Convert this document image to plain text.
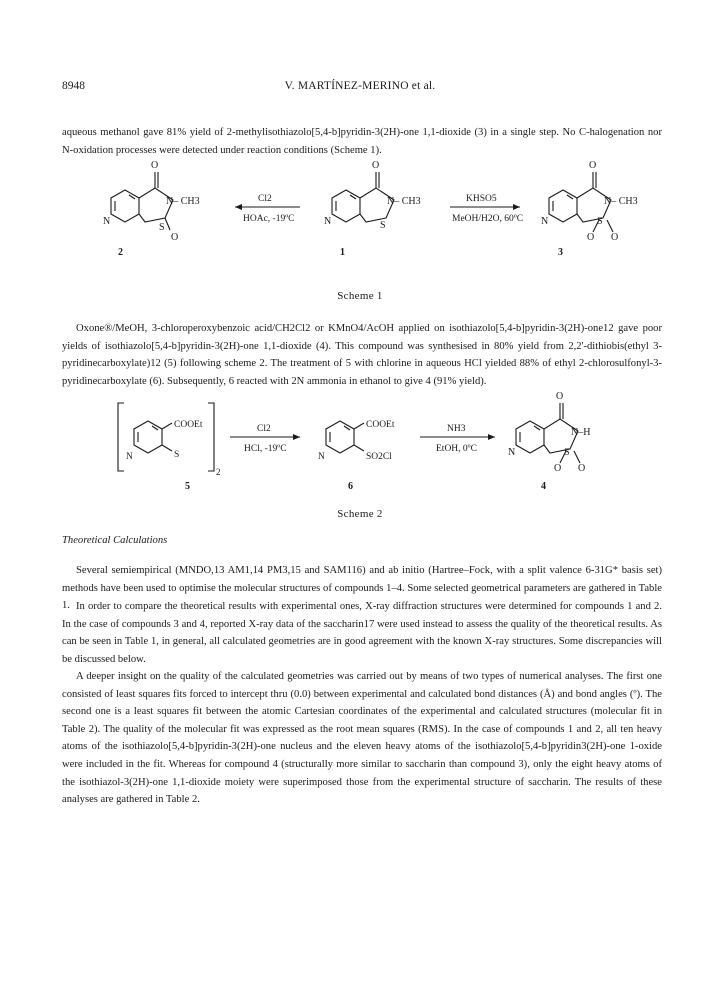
8948	V. MARTÍNEZ-MERINO et al.
aqueous methanol gave 81% yield of 2-methylisothiazolo[5,4-b]pyridin-3(2H)-one 1,1-dioxide (3) in a single step. No C-halogenation nor N-oxidation processes were detected under reaction conditions (Scheme 1).
O
N– CH3
N
S
O
2
Cl2
HOAc, -19ºC
O
N– CH3
N	S
1
KHSO5
MeOH/H2O, 60ºC
O
N– CH3
N	S
O O
3
Scheme 1
Oxone®/MeOH, 3-chloroperoxybenzoic acid/CH2Cl2 or KMnO4/AcOH applied on isothiazolo[5,4-b]pyridin-3(2H)-one12 gave poor yields of isothiazolo[5,4-b]pyridin-3(2H)-one 1,1-dioxide (4). This compound was synthesised in 80% yield from 2,2'-dithiobis(ethyl 3-pyridinecarboxylate)12 (5) following scheme 2. The treatment of 5 with chlorine in aqueous HCl yielded 88% of ethyl 2-chlorosulfonyl-3-pyridinecarboxylate (6). Subsequently, 6 reacted with 2N ammonia in ethanol to give 4 (91% yield).
COOEt
S
N
2
5
Cl2
HCl, -19ºC
COOEt
SO2Cl
N
6
NH3
EtOH, 0ºC
O
N–H
N	S
O O
4
Scheme 2
Theoretical Calculations
Several semiempirical (MNDO,13 AM1,14 PM3,15 and SAM116) and ab initio (Hartree–Fock, with a split valence 6-31G* basis set) methods have been used to optimise the molecular structures of compounds 1–4. Some selected geometrical parameters are gathered in Table 1. In order to compare the theoretical results with experimental ones, X-ray diffraction structures were determined for compounds 1 and 2. In the case of compounds 3 and 4, reported X-ray data of the saccharin17 were used instead to assess the quality of the theoretical results. As can be seen in Table 1, in general, all calculated geometries are in good agreement with the known X-ray structures. Some discrepancies will be discussed below.
A deeper insight on the quality of the calculated geometries was carried out by means of two types of numerical analyses. The first one consisted of least squares fits forced to intercept thru (0.0) between experimental and calculated bond distances (Å) and bond angles (º). The second one is a least squares fit between the atomic Cartesian coordinates of the experimental and calculated structures (molecular fit in Table 2). The quality of the molecular fit was expressed as the root mean squares (RMS). In the case of compounds 1 and 2, all ten heavy atoms of the isothiazolo[5,4-b]pyridin-3(2H)-one nucleus and the eleven heavy atoms of the isothiazolo[5,4-b]pyridin3(2H)-one 1-oxide were included in the fit. Whereas for compound 4 (structurally more similar to saccharin than compound 3), only the eight heavy atoms of the isothiazol-3(2H)-one 1,1-dioxide moiety were superimposed those from the experimental structure of saccharin. The results of these analyses are gathered in Table 2.
